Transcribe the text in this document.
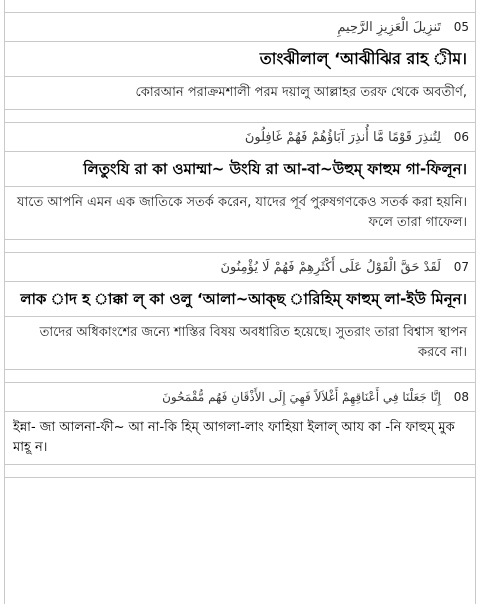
تَنزِيلَ الْعَزِيزِ الرَّحِيمِ 05
তাংঝীলাল্ ‘আঝীঝির রাহ ীম।
কোরআন পরাক্রমশালী পরম দয়ালু আল্লাহর তরফ থেকে অবতীর্ণ,
لِتُنذِرَ قَوْمًا مَّا أُنذِرَ آبَاؤُهُمْ فَهُمْ غَافِلُونَ 06
লিতুংযি রা কা ওমাম্মা~ উংযি রা আ-বা~উহুম্ ফাহুম গা-ফিলূন।
যাতে আপনি এমন এক জাতিকে সতর্ক করেন, যাদের পূর্ব পুরুষগণকেও সতর্ক করা হয়নি। ফলে তারা গাফেল।
لَقَدْ حَقَّ الْقَوْلُ عَلَى أَكْثَرِهِمْ فَهُمْ لَا يُؤْمِنُونَ 07
লাক াদ হ াক্কা ল্ কা ওলু ‘আলা~আক্ছ ারিহিম্ ফাহুম্ লা-ইউ মিনূন।
তাদের অধিকাংশের জন্যে শাস্তির বিষয় অবধারিত হয়েছে। সুতরাং তারা বিশ্বাস স্থাপন করবে না।
إِنَّا جَعَلْنَا فِي أَعْنَاقِهِمْ أَغْلاَلاً فَهِيَ إِلَى الأَذْقَانِ فَهُم مُّقْمَحُونَ 08
ইন্না- জা আলনা-ফী~ আ না-কি হিম্ আগলা-লাং ফাহিয়া ইলাল্ আয কা -নি ফাহুম্ মুক মাহূ ন।
